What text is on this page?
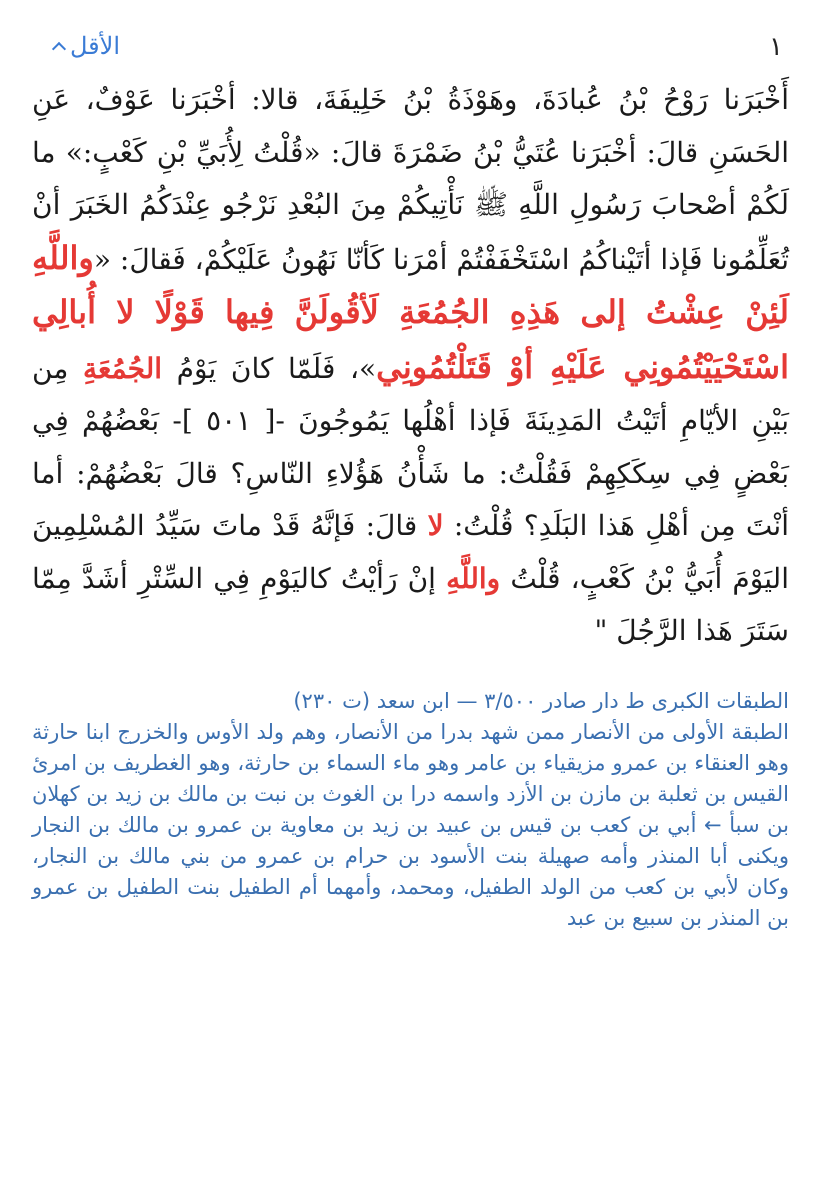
١
الأقل

أَخْبَرَنا رَوْحُ بْنُ عُبادَةَ، وهَوْذَةُ بْنُ خَلِيفَةَ، قالا: أخْبَرَنا عَوْفٌ، عَنِ الحَسَنِ قالَ: أخْبَرَنا عُتَيُّ بْنُ ضَمْرَةَ قالَ: «قُلْتُ لِأُبَيِّ بْنِ كَعْبٍ:» ما لَكُمْ أصْحابَ رَسُولِ اللَّهِ ﷺ نَأْتِيكُمْ مِنَ البُعْدِ نَرْجُو عِنْدَكُمُ الخَبَرَ أنْ تُعَلِّمُونا فَإذا أتَيْناكُمُ اسْتَخْفَفْتُمْ أمْرَنا كَأنّا نَهُونُ عَلَيْكُمْ، فَقالَ: «واللَّهِ لَئِنْ عِشْتُ إلى هَذِهِ الجُمُعَةِ لَأقُولَنَّ فِيها قَوْلًا لا أُبالِي اسْتَحْيَيْتُمُونِي عَلَيْهِ أوْ قَتَلْتُمُونِي»، فَلَمّا كانَ يَوْمُ الجُمُعَةِ مِن بَيْنِ الأيّامِ أتَيْتُ المَدِينَةَ فَإذا أهْلُها يَمُوجُونَ -[ ٥٠١ ]- بَعْضُهُمْ فِي بَعْضٍ فِي سِكَكِهِمْ فَقُلْتُ: ما شَأْنُ هَؤُلاءِ النّاسِ؟ قالَ بَعْضُهُمْ: أما أنْتَ مِن أهْلِ هَذا البَلَدِ؟ قُلْتُ: لا قالَ: فَإنَّهُ قَدْ ماتَ سَيِّدُ المُسْلِمِينَ اليَوْمَ أُبَيُّ بْنُ كَعْبٍ، قُلْتُ واللَّهِ إنْ رَأيْتُ كاليَوْمِ فِي السِّتْرِ أشَدَّ مِمّا سَتَرَ هَذا الرَّجُلَ "

الطبقات الكبرى ط دار صادر ٣/٥٠٠ — ابن سعد (ت ٢٣٠)

الطبقة الأولى من الأنصار ممن شهد بدرا من الأنصار، وهم ولد الأوس والخزرج ابنا حارثة وهو العنقاء بن عمرو مزيقياء بن عامر وهو ماء السماء بن حارثة، وهو الغطريف بن امرئ القيس بن ثعلبة بن مازن بن الأزد واسمه درا بن الغوث بن نبت بن مالك بن زيد بن كهلان بن سبأ ← أبي بن كعب بن قيس بن عبيد بن زيد بن معاوية بن عمرو بن مالك بن النجار ويكنى أبا المنذر وأمه صهيلة بنت الأسود بن حرام بن عمرو من بني مالك بن النجار، وكان لأبي بن كعب من الولد الطفيل، ومحمد، وأمهما أم الطفيل بنت الطفيل بن عمرو بن المنذر بن سبيع بن عبد
